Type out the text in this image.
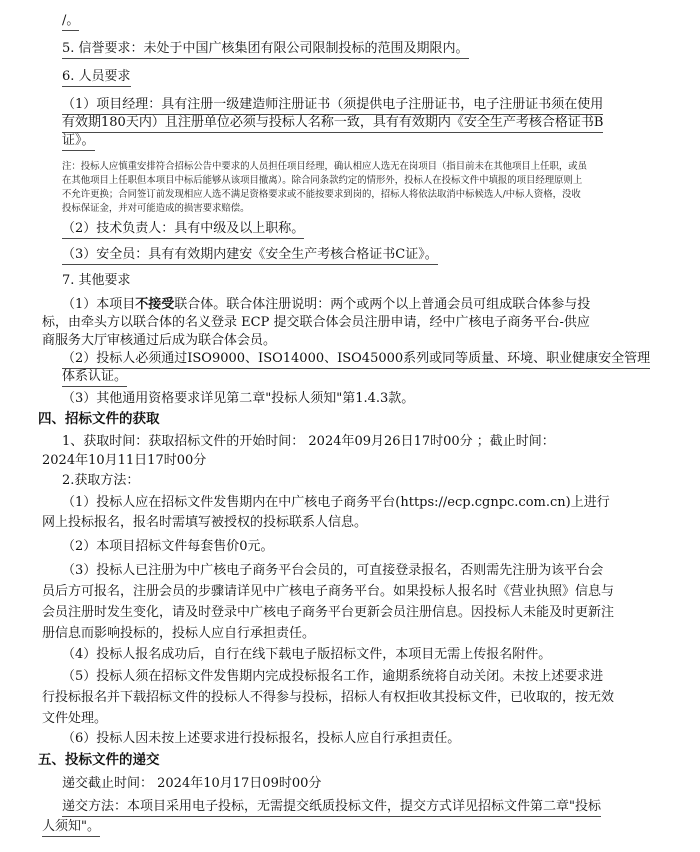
/。
5. 信誉要求：未处于中国广核集团有限公司限制投标的范围及期限内。
6. 人员要求
（1）项目经理：具有注册一级建造师注册证书（须提供电子注册证书，电子注册证书须在使用
有效期180天内）且注册单位必须与投标人名称一致，具有有效期内《安全生产考核合格证书B
证》。
注：投标人应慎重安排符合招标公告中要求的人员担任项目经理，确认相应人选无在岗项目（指目前未在其他项目上任职，或虽
在其他项目上任职但本项目中标后能够从该项目撤离）。除合同条款约定的情形外，投标人在投标文件中填报的项目经理原则上
不允许更换；合同签订前发现相应人选不满足资格要求或不能按要求到岗的，招标人将依法取消中标候选人/中标人资格，没收
投标保证金，并对可能造成的损害要求赔偿。
（2）技术负责人：具有中级及以上职称。
（3）安全员：具有有效期内建安《安全生产考核合格证书C证》。
7. 其他要求
（1）本项目不接受联合体。联合体注册说明：两个或两个以上普通会员可组成联合体参与投
标，由牵头方以联合体的名义登录 ECP 提交联合体会员注册申请，经中广核电子商务平台-供应
商服务大厅审核通过后成为联合体会员。
（2）投标人必须通过ISO9000、ISO14000、ISO45000系列或同等质量、环境、职业健康安全管理
体系认证。
（3）其他通用资格要求详见第二章"投标人须知"第1.4.3款。
四、招标文件的获取
1、获取时间：获取招标文件的开始时间： 2024年09月26日17时00分 ；截止时间：
2024年10月11日17时00分
2.获取方法：
（1）投标人应在招标文件发售期内在中广核电子商务平台(https://ecp.cgnpc.com.cn)上进行
网上投标报名，报名时需填写被授权的投标联系人信息。
（2）本项目招标文件每套售价0元。
（3）投标人已注册为中广核电子商务平台会员的，可直接登录报名，否则需先注册为该平台会
员后方可报名，注册会员的步骤请详见中广核电子商务平台。如果投标人报名时《营业执照》信息与
会员注册时发生变化，请及时登录中广核电子商务平台更新会员注册信息。因投标人未能及时更新注
册信息而影响投标的，投标人应自行承担责任。
（4）投标人报名成功后，自行在线下载电子版招标文件，本项目无需上传报名附件。
（5）投标人须在招标文件发售期内完成投标报名工作，逾期系统将自动关闭。未按上述要求进
行投标报名并下载招标文件的投标人不得参与投标，招标人有权拒收其投标文件，已收取的，按无效
文件处理。
（6）投标人因未按上述要求进行投标报名，投标人应自行承担责任。
五、投标文件的递交
递交截止时间： 2024年10月17日09时00分
递交方法：本项目采用电子投标，无需提交纸质投标文件，提交方式详见招标文件第二章"投标
人须知"。
